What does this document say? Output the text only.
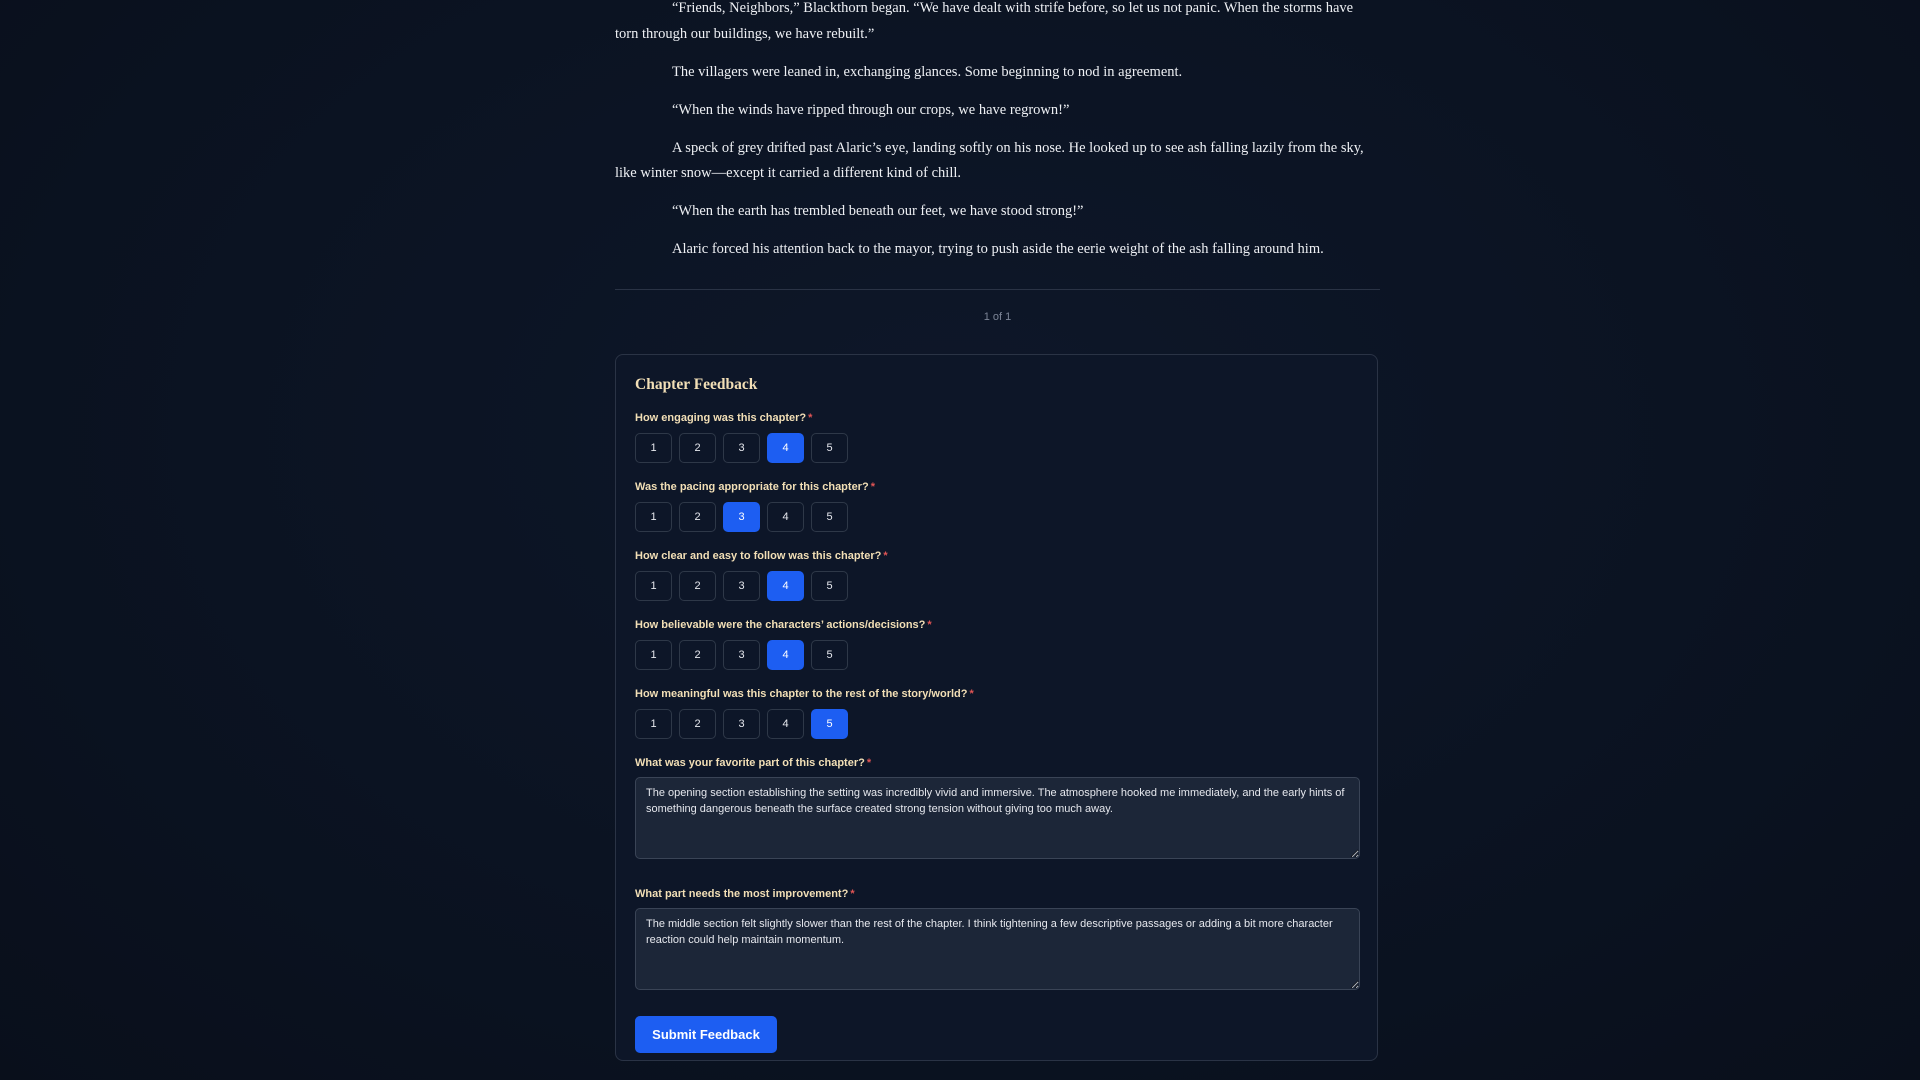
“Friends, Neighbors,” Blackthorn began. “We have dealt with strife before, so let us not panic. When the storms have torn through our buildings, we have rebuilt.”

The villagers were leaned in, exchanging glances. Some beginning to nod in agreement.

“When the winds have ripped through our crops, we have regrown!”

A speck of grey drifted past Alaric’s eye, landing softly on his nose. He looked up to see ash falling lazily from the sky, like winter snow—except it carried a different kind of chill.

“When the earth has trembled beneath our feet, we have stood strong!”

Alaric forced his attention back to the mayor, trying to push aside the eerie weight of the ash falling around him.

1 of 1
Chapter Feedback
How engaging was this chapter? *
1	2	3	4	5
Was the pacing appropriate for this chapter? *
1	2	3	4	5
How clear and easy to follow was this chapter? *
1	2	3	4	5
How believable were the characters’ actions/decisions? *
1	2	3	4	5
How meaningful was this chapter to the rest of the story/world? *
1	2	3	4	5
What was your favorite part of this chapter? *
The opening section establishing the setting was incredibly vivid and immersive. The atmosphere hooked me immediately, and the early hints of something dangerous beneath the surface created strong tension without giving too much away.
What part needs the most improvement? *
The middle section felt slightly slower than the rest of the chapter. I think tightening a few descriptive passages or adding a bit more character reaction could help maintain momentum.
Submit Feedback
